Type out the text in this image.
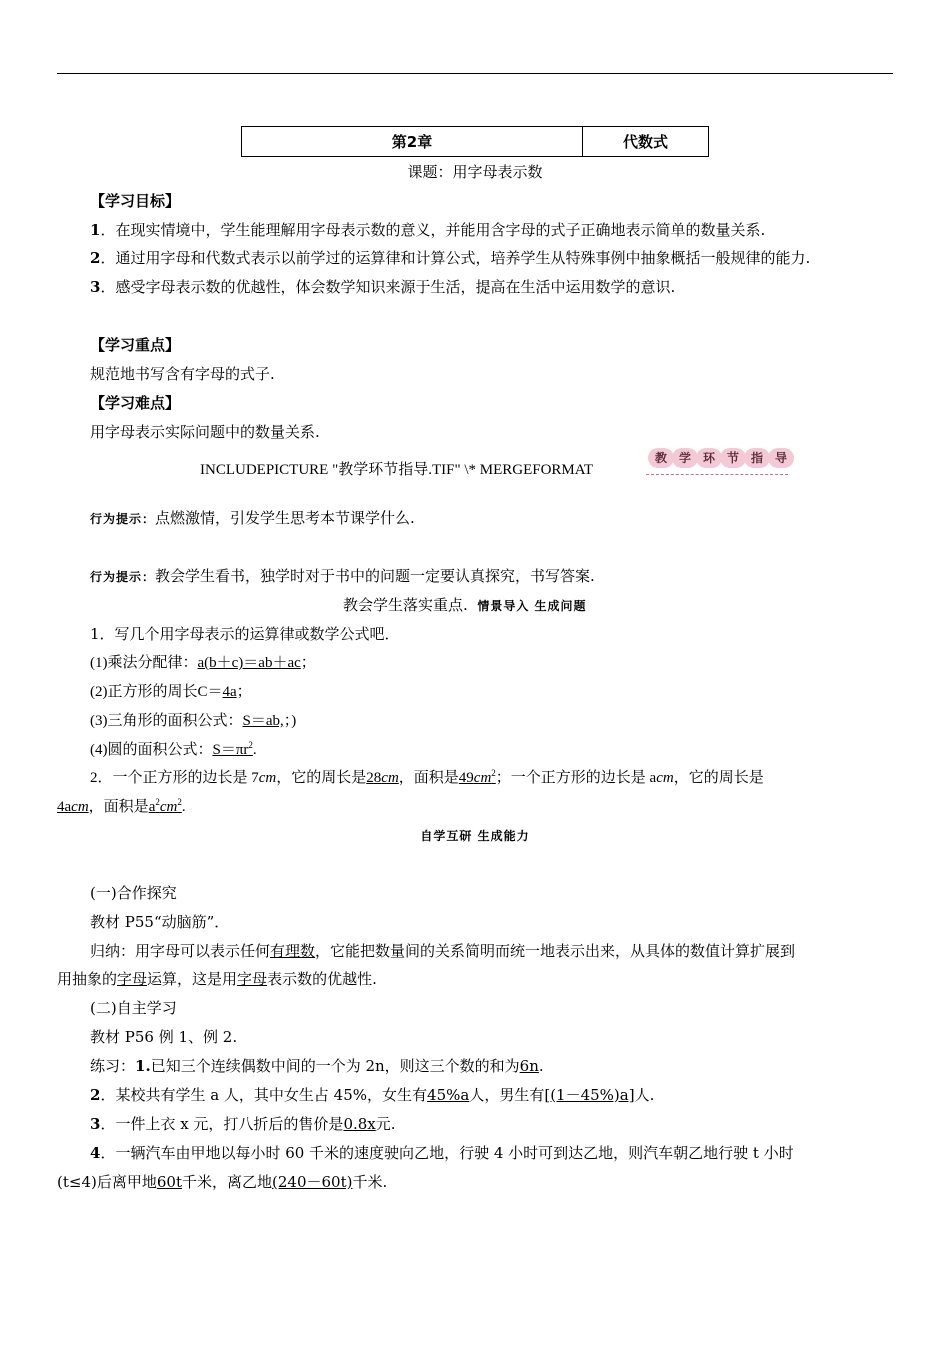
第2章	代数式
课题：用字母表示数
【学习目标】
1．在现实情境中，学生能理解用字母表示数的意义，并能用含字母的式子正确地表示简单的数量关系.
2．通过用字母和代数式表示以前学过的运算律和计算公式，培养学生从特殊事例中抽象概括一般规律的能力.
3．感受字母表示数的优越性，体会数学知识来源于生活，提高在生活中运用数学的意识.
【学习重点】
规范地书写含有字母的式子.
【学习难点】
用字母表示实际问题中的数量关系.
INCLUDEPICTURE "教学环节指导.TIF" \* MERGEFORMAT
教 学 环 节 指 导
行为提示：点燃激情，引发学生思考本节课学什么.
行为提示：教会学生看书，独学时对于书中的问题一定要认真探究，书写答案.
教会学生落实重点. 情景导入 生成问题
1．写几个用字母表示的运算律或数学公式吧．
(1)乘法分配律：a(b＋c)＝ab＋ac；
(2)正方形的周长C＝4a；
(3)三角形的面积公式：S＝ab,；)
(4)圆的面积公式：$S=\pi r^2$.
2．一个正方形的边长是 7cm，它的周长是28cm，面积是$49cm^2$；一个正方形的边长是 acm，它的周长是
4acm，面积是$a^2cm^2$.
自学互研 生成能力
(一)合作探究
教材 P55“动脑筋”．
归纳：用字母可以表示任何有理数，它能把数量间的关系简明而统一地表示出来，从具体的数值计算扩展到
用抽象的字母运算，这是用字母表示数的优越性.
(二)自主学习
教材 P56 例 1、例 2.
练习：1.已知三个连续偶数中间的一个为 2n，则这三个数的和为6n.
2．某校共有学生 a 人，其中女生占 45%，女生有45%a人，男生有[(1－45%)a]人.
3．一件上衣 x 元，打八折后的售价是0.8x元.
4．一辆汽车由甲地以每小时 60 千米的速度驶向乙地，行驶 4 小时可到达乙地，则汽车朝乙地行驶 t 小时
(t≤4)后离甲地60t千米，离乙地(240－60t)千米.
